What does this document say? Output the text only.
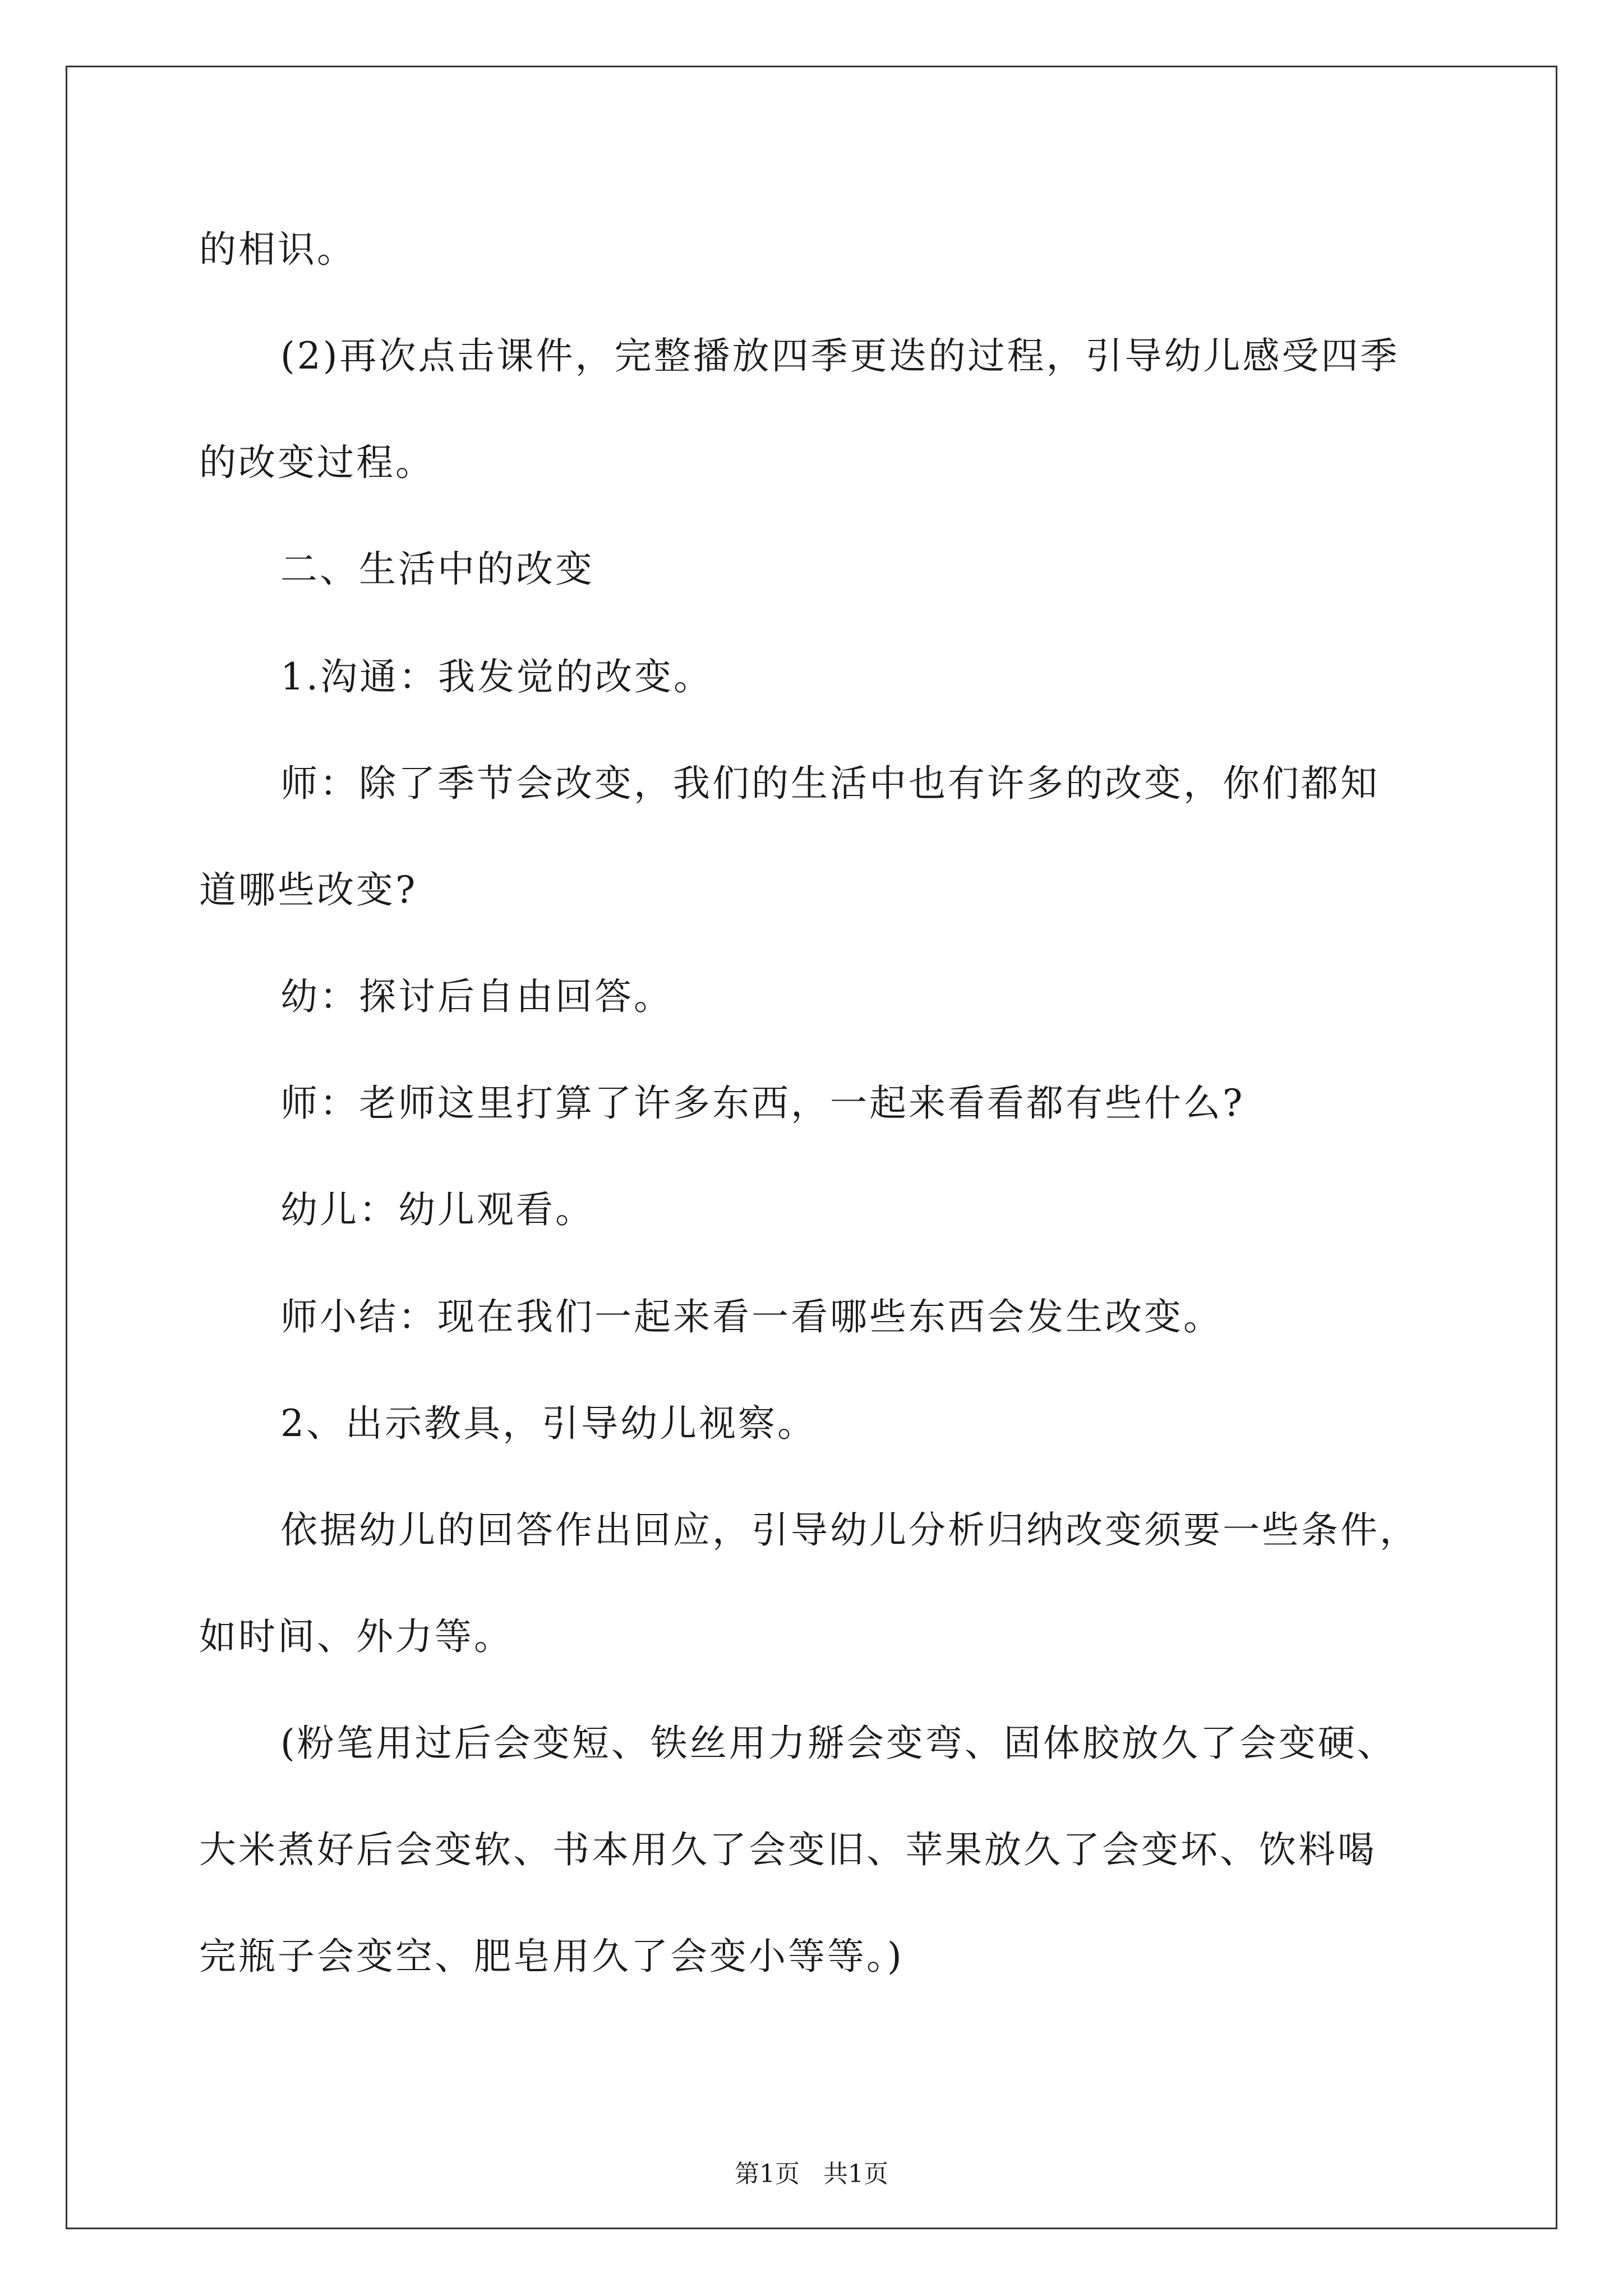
的相识。
(2)再次点击课件，完整播放四季更迭的过程，引导幼儿感受四季
的改变过程。
二、生活中的改变
1.沟通：我发觉的改变。
师：除了季节会改变，我们的生活中也有许多的改变，你们都知
道哪些改变?
幼：探讨后自由回答。
师：老师这里打算了许多东西，一起来看看都有些什么?
幼儿：幼儿观看。
师小结：现在我们一起来看一看哪些东西会发生改变。
2、出示教具，引导幼儿视察。
依据幼儿的回答作出回应，引导幼儿分析归纳改变须要一些条件，
如时间、外力等。
(粉笔用过后会变短、铁丝用力掰会变弯、固体胶放久了会变硬、
大米煮好后会变软、书本用久了会变旧、苹果放久了会变坏、饮料喝
完瓶子会变空、肥皂用久了会变小等等。)
第1页   共1页
